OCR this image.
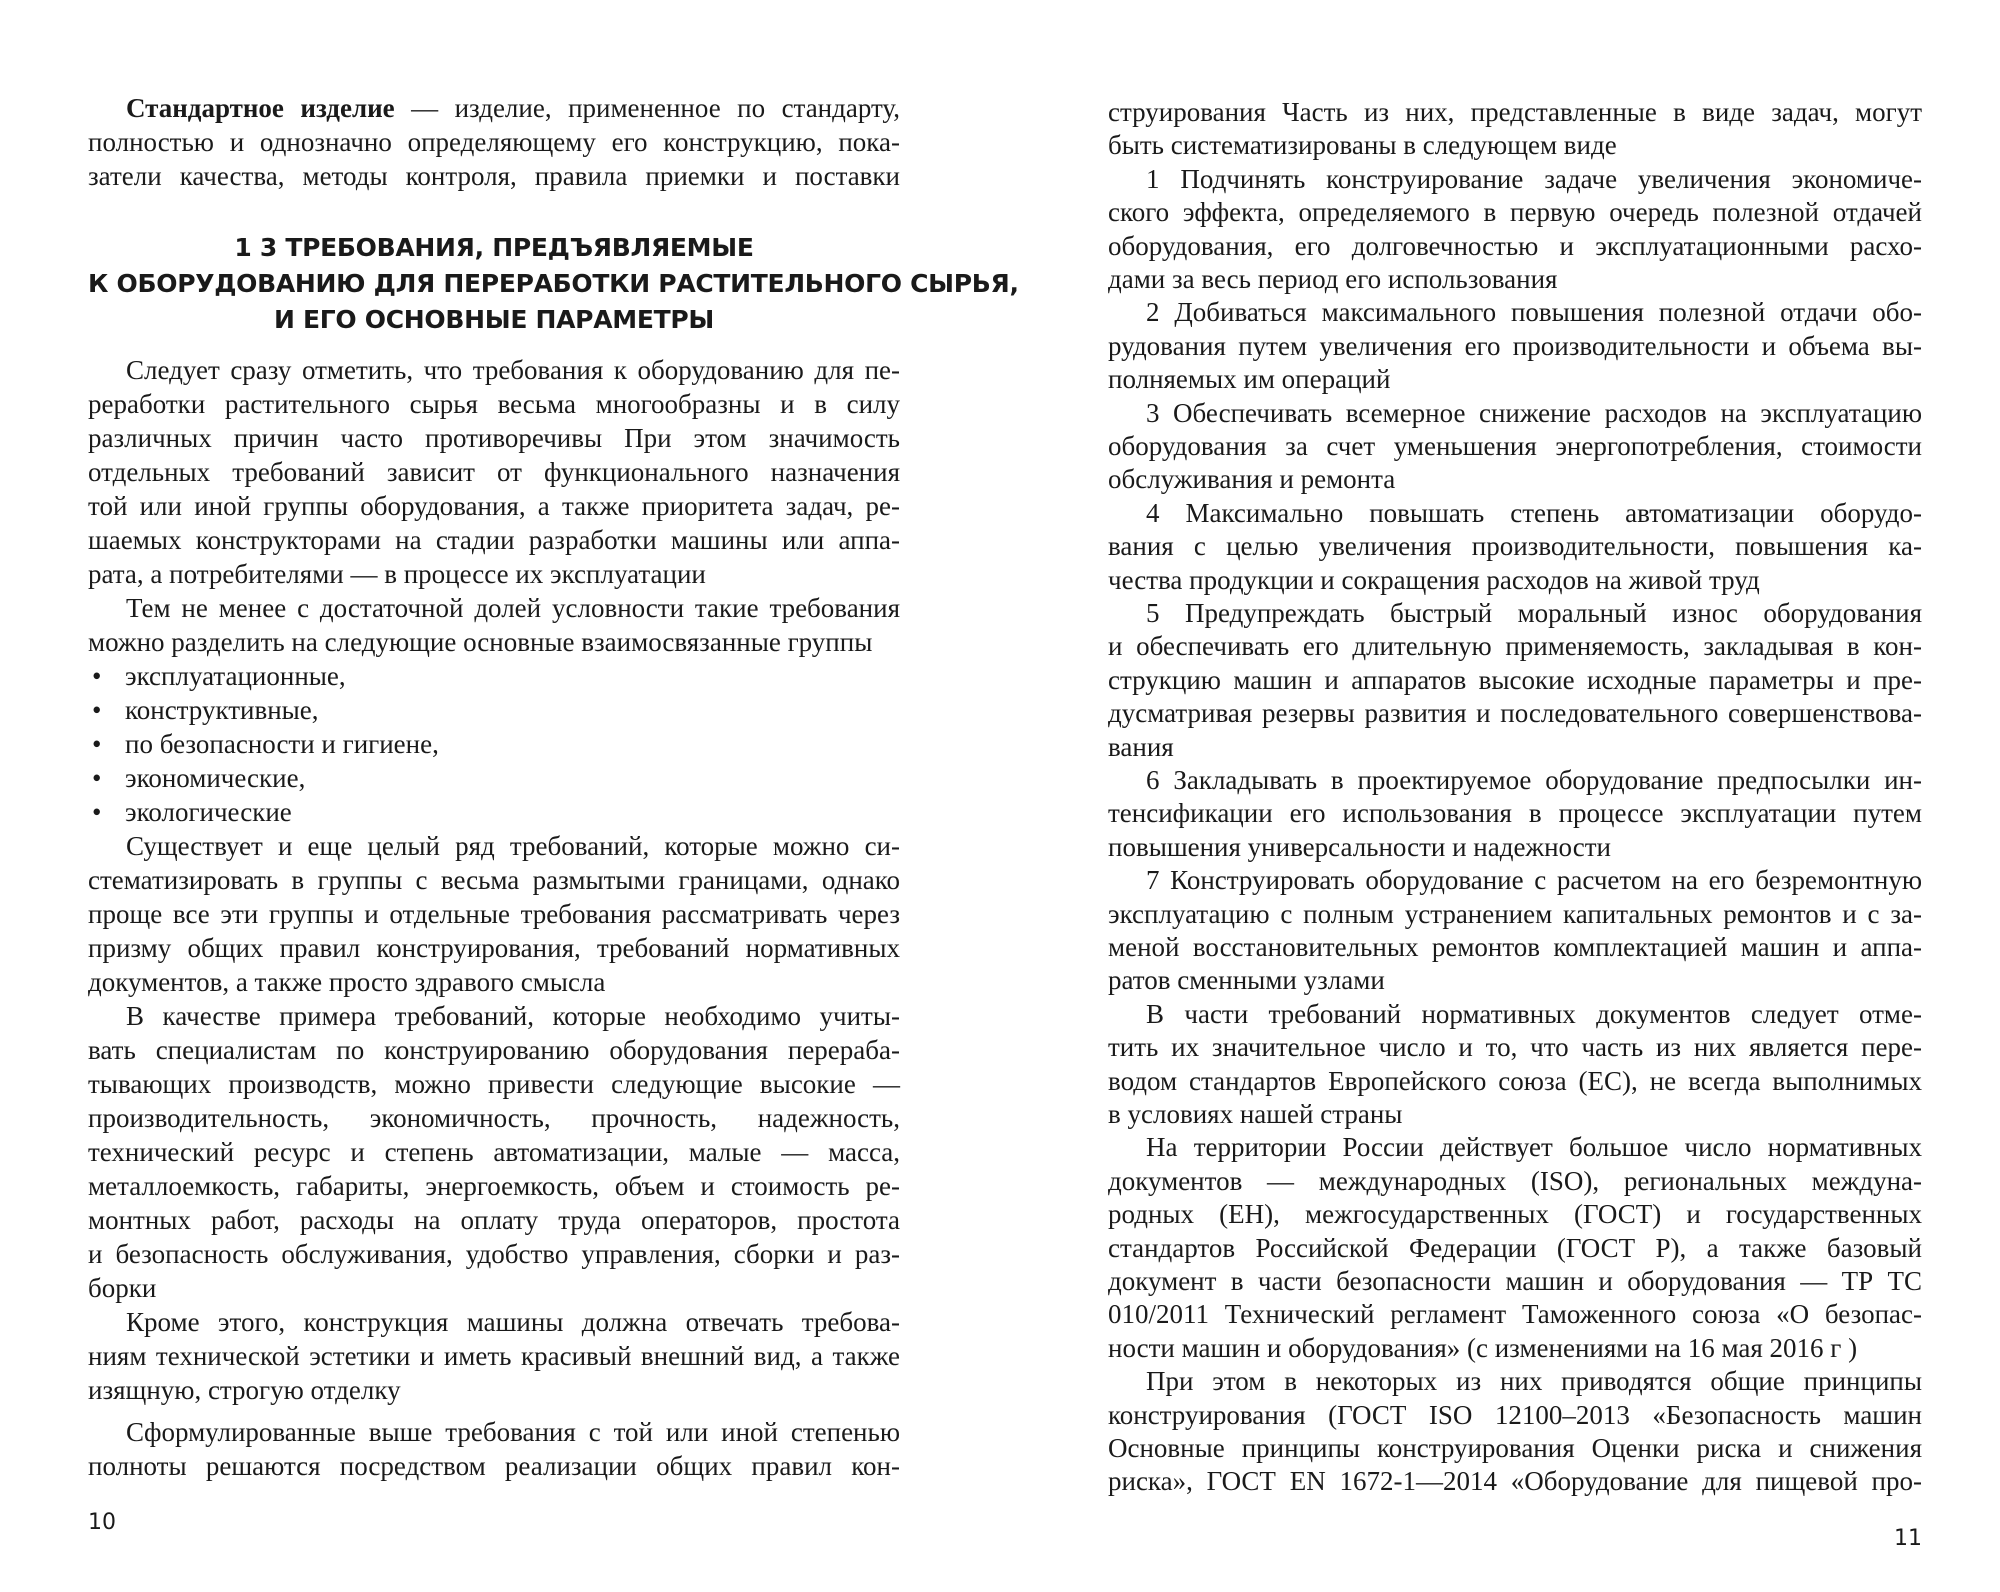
Стандартное изделие — изделие, примененное по стандарту,
полностью и однозначно определяющему его конструкцию, пока-
затели качества, методы контроля, правила приемки и поставки
1 3 ТРЕБОВАНИЯ, ПРЕДЪЯВЛЯЕМЫЕ
К ОБОРУДОВАНИЮ ДЛЯ ПЕРЕРАБОТКИ РАСТИТЕЛЬНОГО СЫРЬЯ,
И ЕГО ОСНОВНЫЕ ПАРАМЕТРЫ
Следует сразу отметить, что требования к оборудованию для пе-
реработки растительного сырья весьма многообразны и в силу
различных причин часто противоречивы При этом значимость
отдельных требований зависит от функционального назначения
той или иной группы оборудования, а также приоритета задач, ре-
шаемых конструкторами на стадии разработки машины или аппа-
рата, а потребителями — в процессе их эксплуатации
Тем не менее с достаточной долей условности такие требования
можно разделить на следующие основные взаимосвязанные группы
• эксплуатационные,
• конструктивные,
• по безопасности и гигиене,
• экономические,
• экологические
Существует и еще целый ряд требований, которые можно си-
стематизировать в группы с весьма размытыми границами, однако
проще все эти группы и отдельные требования рассматривать через
призму общих правил конструирования, требований нормативных
документов, а также просто здравого смысла
В качестве примера требований, которые необходимо учиты-
вать специалистам по конструированию оборудования перераба-
тывающих производств, можно привести следующие высокие —
производительность, экономичность, прочность, надежность,
технический ресурс и степень автоматизации, малые — масса,
металлоемкость, габариты, энергоемкость, объем и стоимость ре-
монтных работ, расходы на оплату труда операторов, простота
и безопасность обслуживания, удобство управления, сборки и раз-
борки
Кроме этого, конструкция машины должна отвечать требова-
ниям технической эстетики и иметь красивый внешний вид, а также
изящную, строгую отделку
Сформулированные выше требования с той или иной степенью
полноты решаются посредством реализации общих правил кон-
10
струирования Часть из них, представленные в виде задач, могут
быть систематизированы в следующем виде
1 Подчинять конструирование задаче увеличения экономиче-
ского эффекта, определяемого в первую очередь полезной отдачей
оборудования, его долговечностью и эксплуатационными расхо-
дами за весь период его использования
2 Добиваться максимального повышения полезной отдачи обо-
рудования путем увеличения его производительности и объема вы-
полняемых им операций
3 Обеспечивать всемерное снижение расходов на эксплуатацию
оборудования за счет уменьшения энергопотребления, стоимости
обслуживания и ремонта
4 Максимально повышать степень автоматизации оборудо-
вания с целью увеличения производительности, повышения ка-
чества продукции и сокращения расходов на живой труд
5 Предупреждать быстрый моральный износ оборудования
и обеспечивать его длительную применяемость, закладывая в кон-
струкцию машин и аппаратов высокие исходные параметры и пре-
дусматривая резервы развития и последовательного совершенствова-
вания
6 Закладывать в проектируемое оборудование предпосылки ин-
тенсификации его использования в процессе эксплуатации путем
повышения универсальности и надежности
7 Конструировать оборудование с расчетом на его безремонтную
эксплуатацию с полным устранением капитальных ремонтов и с за-
меной восстановительных ремонтов комплектацией машин и аппа-
ратов сменными узлами
В части требований нормативных документов следует отме-
тить их значительное число и то, что часть из них является пере-
водом стандартов Европейского союза (ЕС), не всегда выполнимых
в условиях нашей страны
На территории России действует большое число нормативных
документов — международных (ISO), региональных междуна-
родных (ЕН), межгосударственных (ГОСТ) и государственных
стандартов Российской Федерации (ГОСТ Р), а также базовый
документ в части безопасности машин и оборудования — ТР ТС
010/2011 Технический регламент Таможенного союза «О безопас-
ности машин и оборудования» (с изменениями на 16 мая 2016 г )
При этом в некоторых из них приводятся общие принципы
конструирования (ГОСТ ISO 12100–2013 «Безопасность машин
Основные принципы конструирования Оценки риска и снижения
риска», ГОСТ EN 1672-1—2014 «Оборудование для пищевой про-
11
